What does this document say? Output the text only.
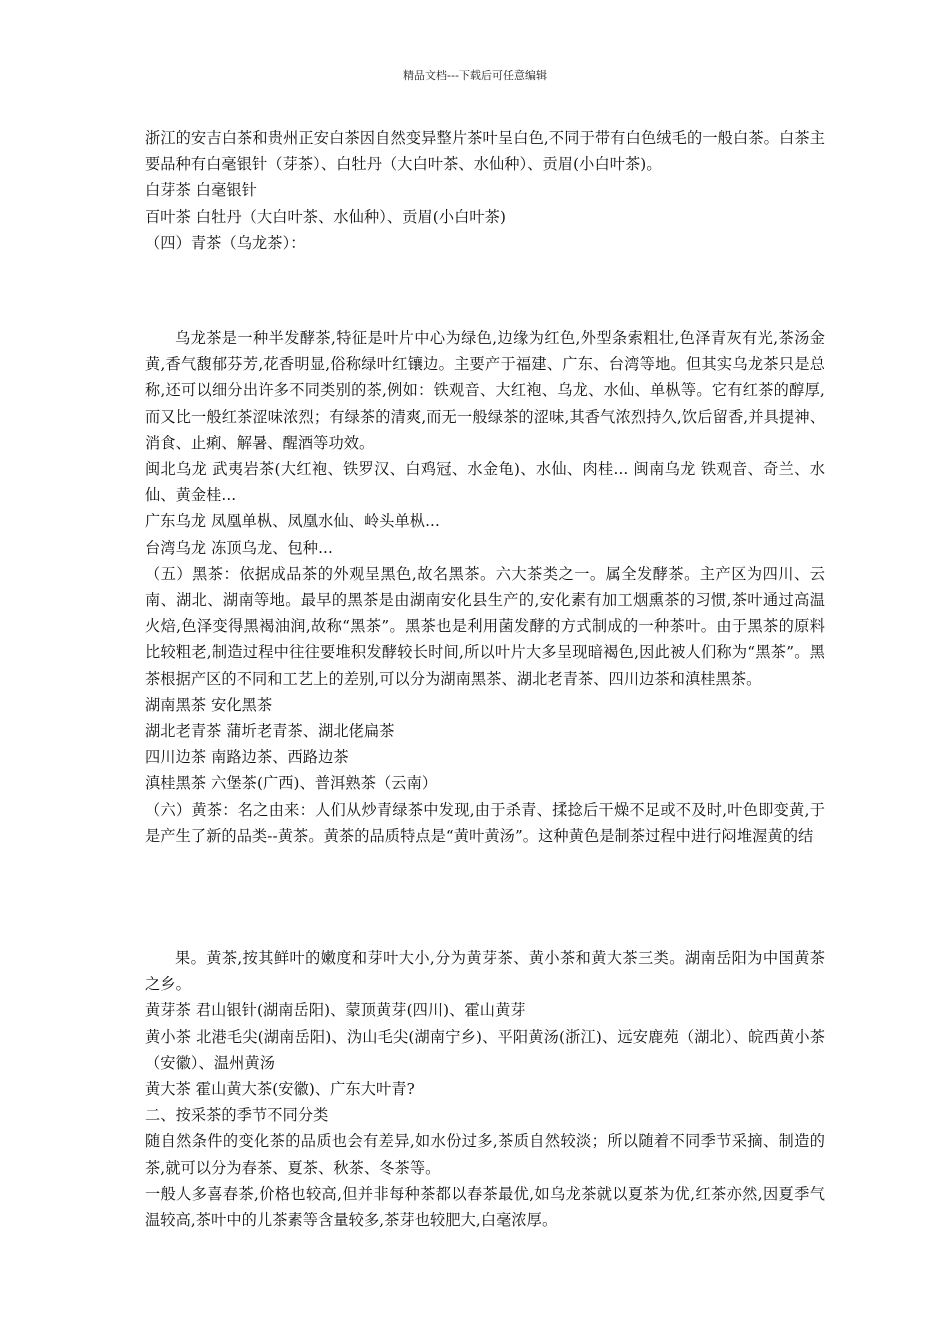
精品文档---下载后可任意编辑

浙江的安吉白茶和贵州正安白茶因自然变异整片茶叶呈白色,不同于带有白色绒毛的一般白茶。白茶主要品种有白毫银针（芽茶）、白牡丹（大白叶茶、水仙种）、贡眉(小白叶茶)。

白芽茶 白毫银针

百叶茶 白牡丹（大白叶茶、水仙种）、贡眉(小白叶茶)

（四）青茶（乌龙茶）：

乌龙茶是一种半发酵茶,特征是叶片中心为绿色,边缘为红色,外型条索粗壮,色泽青灰有光,茶汤金黄,香气馥郁芬芳,花香明显,俗称绿叶红镶边。主要产于福建、广东、台湾等地。但其实乌龙茶只是总称,还可以细分出许多不同类别的茶,例如：铁观音、大红袍、乌龙、水仙、单枞等。它有红茶的醇厚,而又比一般红茶涩味浓烈；有绿茶的清爽,而无一般绿茶的涩味,其香气浓烈持久,饮后留香,并具提神、消食、止痢、解暑、醒酒等功效。

闽北乌龙 武夷岩茶(大红袍、铁罗汉、白鸡冠、水金龟)、水仙、肉桂... 闽南乌龙 铁观音、奇兰、水仙、黄金桂...

广东乌龙 凤凰单枞、凤凰水仙、岭头单枞...

台湾乌龙 冻顶乌龙、包种...

（五）黑茶：依据成品茶的外观呈黑色,故名黑茶。六大茶类之一。属全发酵茶。主产区为四川、云南、湖北、湖南等地。最早的黑茶是由湖南安化县生产的,安化素有加工烟熏茶的习惯,茶叶通过高温火焙,色泽变得黑褐油润,故称“黑茶”。黑茶也是利用菌发酵的方式制成的一种茶叶。由于黑茶的原料比较粗老,制造过程中往往要堆积发酵较长时间,所以叶片大多呈现暗褐色,因此被人们称为“黑茶”。黑茶根据产区的不同和工艺上的差别,可以分为湖南黑茶、湖北老青茶、四川边茶和滇桂黑茶。

湖南黑茶 安化黑茶

湖北老青茶 蒲圻老青茶、湖北佬扁茶

四川边茶 南路边茶、西路边茶

滇桂黑茶 六堡茶(广西)、普洱熟茶（云南）

（六）黄茶：名之由来：人们从炒青绿茶中发现,由于杀青、揉捻后干燥不足或不及时,叶色即变黄,于是产生了新的品类--黄茶。黄茶的品质特点是“黄叶黄汤”。这种黄色是制茶过程中进行闷堆渥黄的结

果。黄茶,按其鲜叶的嫩度和芽叶大小,分为黄芽茶、黄小茶和黄大茶三类。湖南岳阳为中国黄茶之乡。

黄芽茶 君山银针(湖南岳阳)、蒙顶黄芽(四川)、霍山黄芽

黄小茶 北港毛尖(湖南岳阳)、沩山毛尖(湖南宁乡)、平阳黄汤(浙江)、远安鹿苑（湖北）、皖西黄小茶（安徽）、温州黄汤

黄大茶 霍山黄大茶(安徽)、广东大叶青?

二、按采茶的季节不同分类

随自然条件的变化茶的品质也会有差异,如水份过多,茶质自然较淡；所以随着不同季节采摘、制造的茶,就可以分为春茶、夏茶、秋茶、冬茶等。

一般人多喜春茶,价格也较高,但并非每种茶都以春茶最优,如乌龙茶就以夏茶为优,红茶亦然,因夏季气温较高,茶叶中的儿茶素等含量较多,茶芽也较肥大,白毫浓厚。
